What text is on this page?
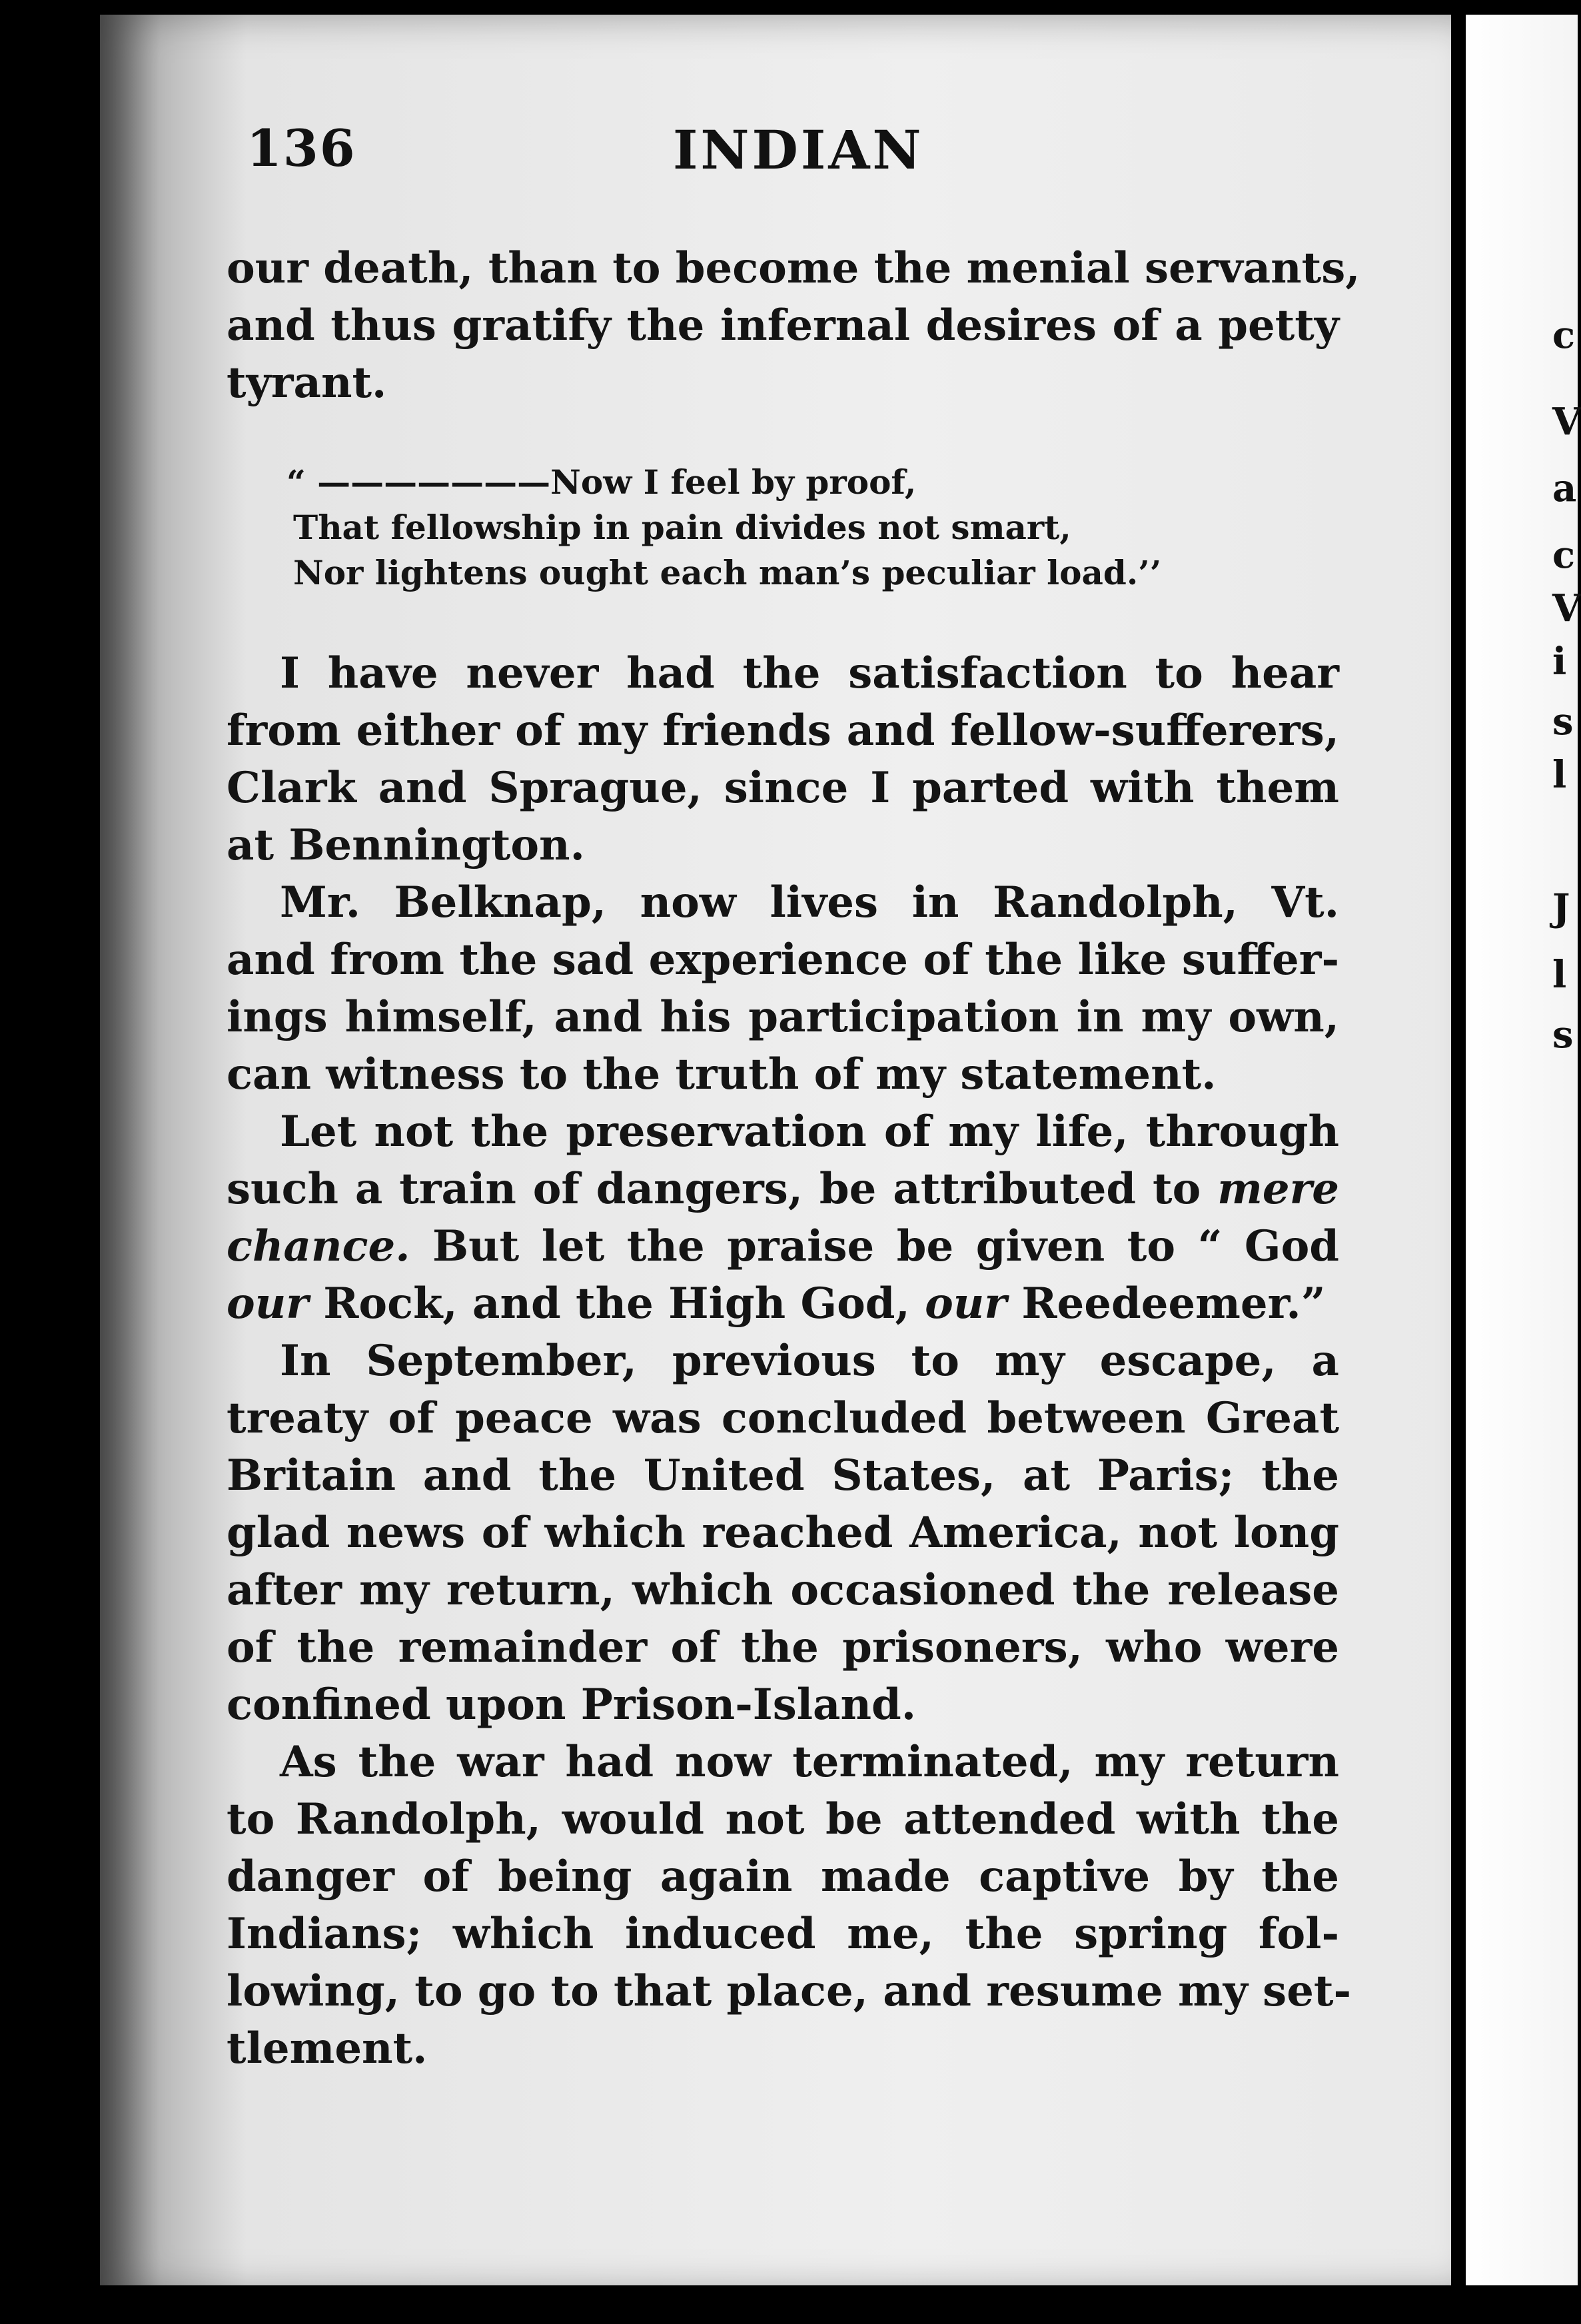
c
V
a
c
V
i
s
l
J
l
s
136	INDIAN
our death, than to become the menial servants,
and thus gratify the infernal desires of a petty
tyrant.
“ ———————Now I feel by proof,
That fellowship in pain divides not smart,
Nor lightens ought each man’s peculiar load.’’
I have never had the satisfaction to hear
from either of my friends and fellow-sufferers,
Clark and Sprague, since I parted with them
at Bennington.
Mr. Belknap, now lives in Randolph, Vt.
and from the sad experience of the like suffer-
ings himself, and his participation in my own,
can witness to the truth of my statement.
Let not the preservation of my life, through
such a train of dangers, be attributed to mere
chance. But let the praise be given to “ God
our Rock, and the High God, our Reedeemer.”
In September, previous to my escape, a
treaty of peace was concluded between Great
Britain and the United States, at Paris; the
glad news of which reached America, not long
after my return, which occasioned the release
of the remainder of the prisoners, who were
confined upon Prison-Island.
As the war had now terminated, my return
to Randolph, would not be attended with the
danger of being again made captive by the
Indians; which induced me, the spring fol-
lowing, to go to that place, and resume my set-
tlement.
